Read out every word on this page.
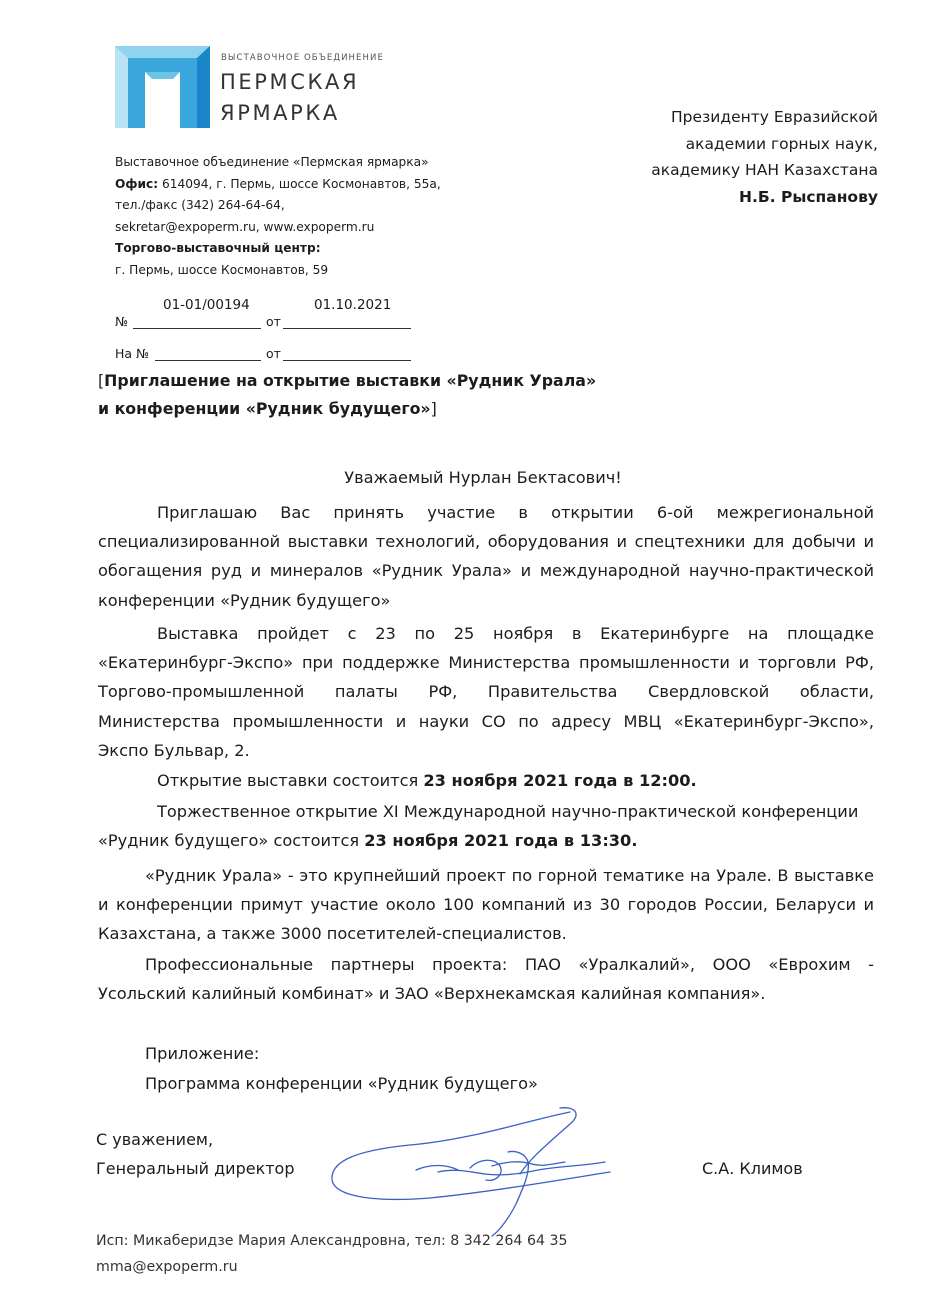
ВЫСТАВОЧНОЕ ОБЪЕДИНЕНИЕ
ПЕРМСКАЯ
ЯРМАРКА
Выставочное объединение «Пермская ярмарка»
Офис: 614094, г. Пермь, шоссе Космонавтов, 55а,
тел./факс (342) 264-64-64,
sekretar@expoperm.ru, www.expoperm.ru
Торгово-выставочный центр:
г. Пермь, шоссе Космонавтов, 59
Президенту Евразийской
академии горных наук,
академику НАН Казахстана
Н.Б. Рыспанову
01-01/00194	01.10.2021
№	от
На №	от
[Приглашение на открытие выставки «Рудник Урала»
и конференции «Рудник будущего»]
Уважаемый Нурлан Бектасович!
Приглашаю Вас принять участие в открытии 6-ой межрегиональной
специализированной выставки технологий, оборудования и спецтехники для добычи и
обогащения руд и минералов «Рудник Урала» и международной научно-практической
конференции «Рудник будущего»
Выставка пройдет с 23 по 25 ноября в Екатеринбурге на площадке
«Екатеринбург-Экспо» при поддержке Министерства промышленности и торговли РФ,
Торгово-промышленной палаты РФ, Правительства Свердловской области,
Министерства промышленности и науки СО по адресу МВЦ «Екатеринбург-Экспо»,
Экспо Бульвар, 2.
Открытие выставки состоится 23 ноября 2021 года в 12:00.
Торжественное открытие XI Международной научно-практической конференции
«Рудник будущего» состоится 23 ноября 2021 года в 13:30.
«Рудник Урала» - это крупнейший проект по горной тематике на Урале. В выставке
и конференции примут участие около 100 компаний из 30 городов России, Беларуси и
Казахстана, а также 3000 посетителей-специалистов.
Профессиональные партнеры проекта: ПАО «Уралкалий», ООО «Еврохим -
Усольский калийный комбинат» и ЗАО «Верхнекамская калийная компания».
Приложение:
Программа конференции «Рудник будущего»
С уважением,
Генеральный директор	С.А. Климов
Исп: Микаберидзе Мария Александровна, тел: 8 342 264 64 35
mma@expoperm.ru
